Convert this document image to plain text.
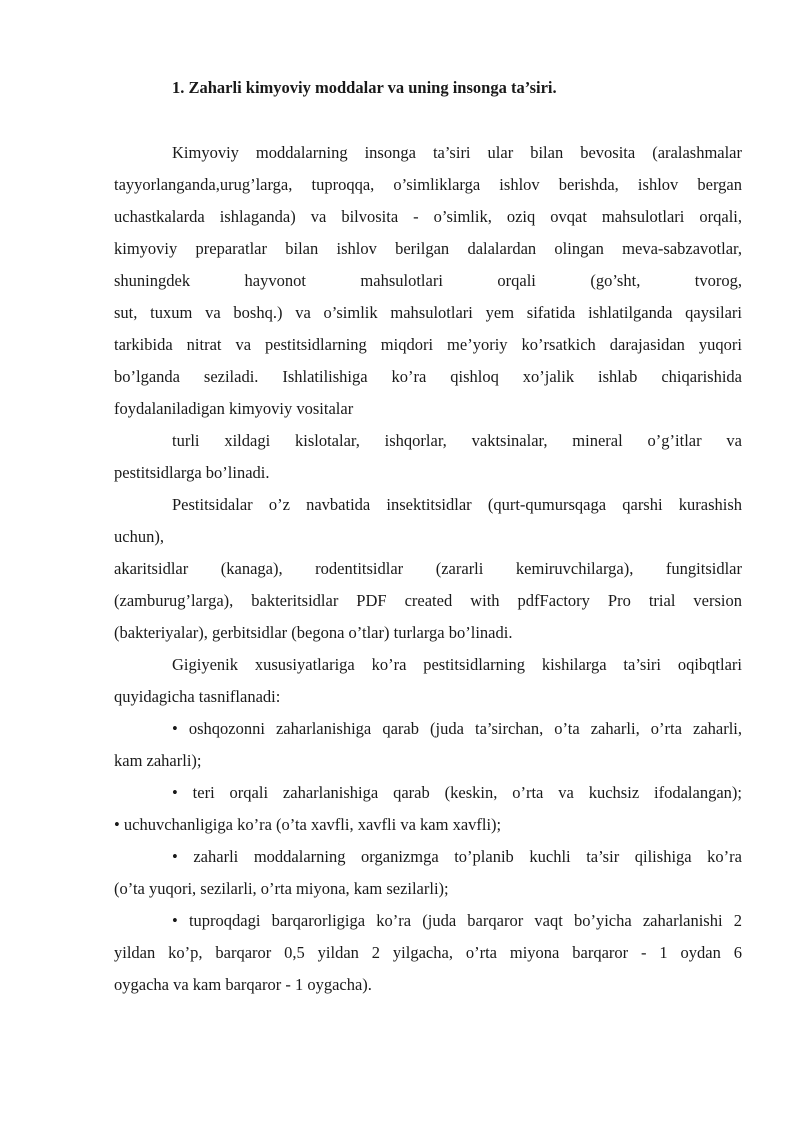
1. Zaharli kimyoviy moddalar va uning insonga ta’siri.
Kimyoviy moddalarning insonga ta’siri ular bilan bevosita (aralashmalar
tayyorlanganda,urug’larga, tuproqqa, o’simliklarga ishlov berishda, ishlov bergan
uchastkalarda ishlaganda) va bilvosita - o’simlik, oziq ovqat mahsulotlari orqali,
kimyoviy preparatlar bilan ishlov berilgan dalalardan olingan meva-sabzavotlar,
shuningdek hayvonot mahsulotlari orqali (go’sht, tvorog,
sut, tuxum va boshq.) va o’simlik mahsulotlari yem sifatida ishlatilganda qaysilari
tarkibida nitrat va pestitsidlarning miqdori me’yoriy ko’rsatkich darajasidan yuqori
bo’lganda seziladi. Ishlatilishiga ko’ra qishloq xo’jalik ishlab chiqarishida
foydalaniladigan kimyoviy vositalar
turli xildagi kislotalar, ishqorlar, vaktsinalar, mineral o’g’itlar va
pestitsidlarga bo’linadi.
Pestitsidalar o’z navbatida insektitsidlar (qurt-qumursqaga qarshi kurashish
uchun),
akaritsidlar (kanaga), rodentitsidlar (zararli kemiruvchilarga), fungitsidlar
(zamburug’larga), bakteritsidlar PDF created with pdfFactory Pro trial version
(bakteriyalar), gerbitsidlar (begona o’tlar) turlarga bo’linadi.
Gigiyenik xususiyatlariga ko’ra pestitsidlarning kishilarga ta’siri oqibqtlari
quyidagicha tasniflanadi:
• oshqozonni zaharlanishiga qarab (juda ta’sirchan, o’ta zaharli, o’rta zaharli,
kam zaharli);
• teri orqali zaharlanishiga qarab (keskin, o’rta va kuchsiz ifodalangan);
• uchuvchanligiga ko’ra (o’ta xavfli, xavfli va kam xavfli);
• zaharli moddalarning organizmga to’planib kuchli ta’sir qilishiga ko’ra
(o’ta yuqori, sezilarli, o’rta miyona, kam sezilarli);
• tuproqdagi barqarorligiga ko’ra (juda barqaror vaqt bo’yicha zaharlanishi 2
yildan ko’p, barqaror 0,5 yildan 2 yilgacha, o’rta miyona barqaror - 1 oydan 6
oygacha va kam barqaror - 1 oygacha).
